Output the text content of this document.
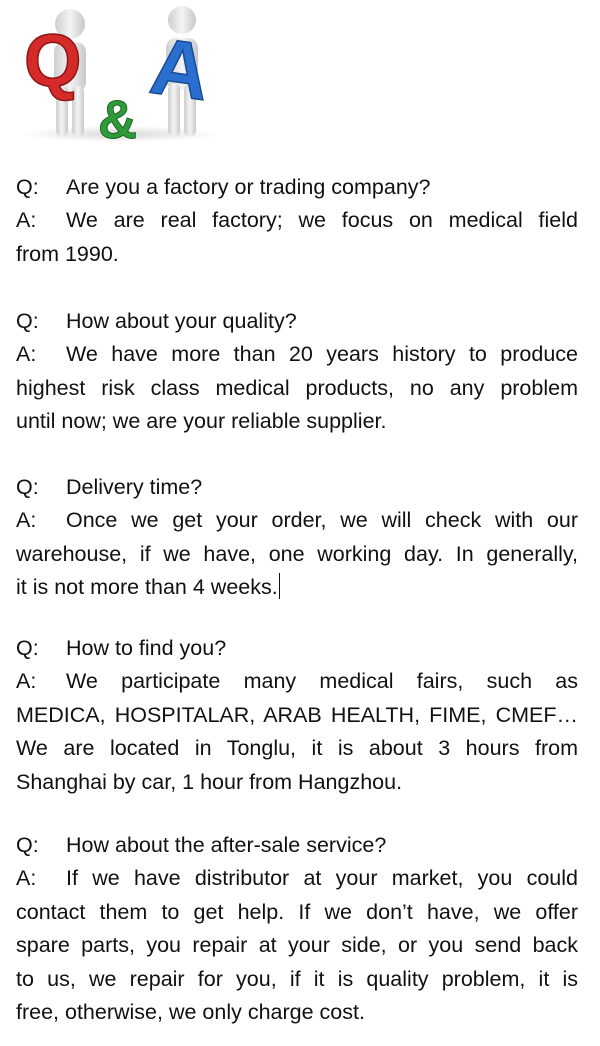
Q
&
A
Q: Are you a factory or trading company?
A:	We are real factory; we focus on medical field
from 1990.
Q: How about your quality?
A:	We have more than 20 years history to produce
highest risk class medical products, no any problem
until now; we are your reliable supplier.
Q: Delivery time?
A:	Once we get your order, we will check with our
warehouse, if we have, one working day. In generally,
it is not more than 4 weeks.
Q: How to find you?
A:	We participate many medical fairs, such as
MEDICA, HOSPITALAR, ARAB HEALTH, FIME, CMEF…
We are located in Tonglu, it is about 3 hours from
Shanghai by car, 1 hour from Hangzhou.
Q: How about the after-sale service?
A:	If we have distributor at your market, you could
contact them to get help. If we don’t have, we offer
spare parts, you repair at your side, or you send back
to us, we repair for you, if it is quality problem, it is
free, otherwise, we only charge cost.
